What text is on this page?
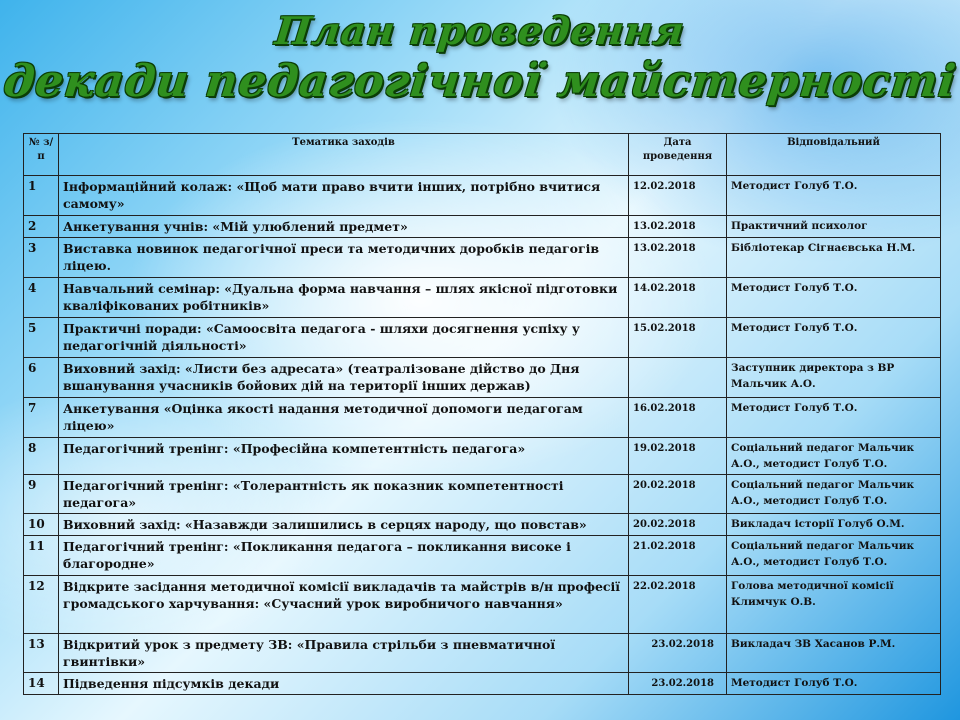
План проведення
декади педагогічної майстерності
№ з/п	Тематика заходів	Дата проведення	Відповідальний
1	Інформаційний колаж: «Щоб мати право вчити інших, потрібно вчитися самому»	12.02.2018	Методист Голуб Т.О.
2	Анкетування учнів: «Мій улюблений предмет»	13.02.2018	Практичний психолог
3	Виставка новинок педагогічної преси та методичних доробків педагогів ліцею.	13.02.2018	Бібліотекар Сігнаєвська Н.М.
4	Навчальний семінар: «Дуальна форма навчання – шлях якісної підготовки кваліфікованих робітників»	14.02.2018	Методист Голуб Т.О.
5	Практичні поради: «Самоосвіта педагога - шляхи досягнення успіху у педагогічній діяльності»	15.02.2018	Методист Голуб Т.О.
6	Виховний захід: «Листи без адресата» (театралізоване дійство до Дня вшанування учасників бойових дій на території інших держав)		Заступник директора з ВР Мальчик А.О.
7	Анкетування «Оцінка якості надання методичної допомоги педагогам ліцею»	16.02.2018	Методист Голуб Т.О.
8	Педагогічний тренінг: «Професійна компетентність педагога»	19.02.2018	Соціальний педагог Мальчик А.О., методист Голуб Т.О.
9	Педагогічний тренінг: «Толерантність як показник компетентності педагога»	20.02.2018	Соціальний педагог Мальчик А.О., методист Голуб Т.О.
10	Виховний захід: «Назавжди залишились в серцях народу, що повстав»	20.02.2018	Викладач історії Голуб О.М.
11	Педагогічний тренінг: «Покликання педагога – покликання високе і благородне»	21.02.2018	Соціальний педагог Мальчик А.О., методист Голуб Т.О.
12	Відкрите засідання методичної комісії викладачів та майстрів в/н професії громадського харчування: «Сучасний урок виробничого навчання»	22.02.2018	Голова методичної комісії Климчук О.В.
13	Відкритий урок з предмету ЗВ: «Правила стрільби з пневматичної гвинтівки»	23.02.2018	Викладач ЗВ Хасанов Р.М.
14	Підведення підсумків декади	23.02.2018	Методист Голуб Т.О.
